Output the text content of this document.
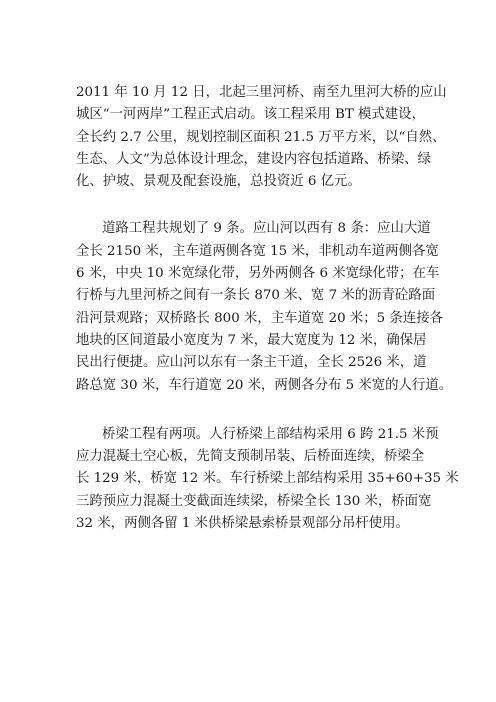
2011 年 10 月 12 日，北起三里河桥、南至九里河大桥的应山
城区“一河两岸”工程正式启动。该工程采用 BT 模式建设，
全长约 2.7 公里，规划控制区面积 21.5 万平方米，以“自然、
生态、人文”为总体设计理念，建设内容包括道路、桥梁、绿
化、护坡、景观及配套设施，总投资近 6 亿元。

道路工程共规划了 9 条。应山河以西有 8 条：应山大道
全长 2150 米，主车道两侧各宽 15 米，非机动车道两侧各宽
6 米，中央 10 米宽绿化带，另外两侧各 6 米宽绿化带；在车
行桥与九里河桥之间有一条长 870 米、宽 7 米的沥青砼路面
沿河景观路；双桥路长 800 米，主车道宽 20 米；5 条连接各
地块的区间道最小宽度为 7 米，最大宽度为 12 米，确保居
民出行便捷。应山河以东有一条主干道，全长 2526 米，道
路总宽 30 米，车行道宽 20 米，两侧各分布 5 米宽的人行道。

桥梁工程有两项。人行桥梁上部结构采用 6 跨 21.5 米预
应力混凝土空心板，先简支预制吊装、后桥面连续，桥梁全
长 129 米，桥宽 12 米。车行桥梁上部结构采用 35+60+35 米
三跨预应力混凝土变截面连续梁，桥梁全长 130 米，桥面宽
32 米，两侧各留 1 米供桥梁悬索桥景观部分吊杆使用。
